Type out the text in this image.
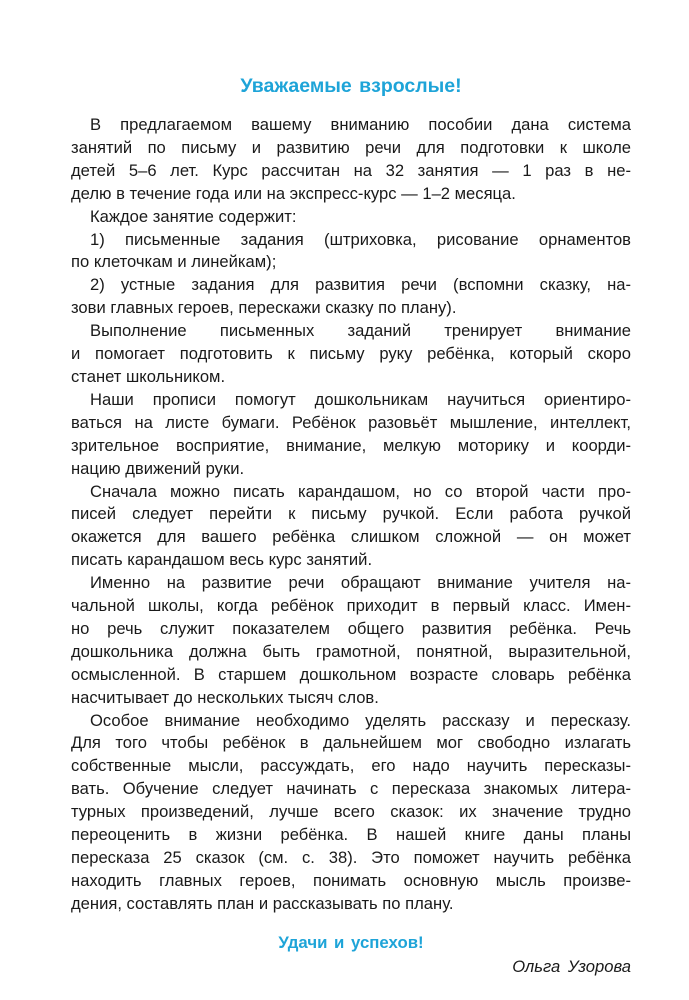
Уважаемые взрослые!
В предлагаемом вашему вниманию пособии дана система
занятий по письму и развитию речи для подготовки к школе
детей 5–6 лет. Курс рассчитан на 32 занятия — 1 раз в не-
делю в течение года или на экспресс-курс — 1–2 месяца.
Каждое занятие содержит:
1) письменные задания (штриховка, рисование орнаментов
по клеточкам и линейкам);
2) устные задания для развития речи (вспомни сказку, на-
зови главных героев, перескажи сказку по плану).
Выполнение письменных заданий тренирует внимание
и помогает подготовить к письму руку ребёнка, который скоро
станет школьником.
Наши прописи помогут дошкольникам научиться ориентиро-
ваться на листе бумаги. Ребёнок разовьёт мышление, интеллект,
зрительное восприятие, внимание, мелкую моторику и коорди-
нацию движений руки.
Сначала можно писать карандашом, но со второй части про-
писей следует перейти к письму ручкой. Если работа ручкой
окажется для вашего ребёнка слишком сложной — он может
писать карандашом весь курс занятий.
Именно на развитие речи обращают внимание учителя на-
чальной школы, когда ребёнок приходит в первый класс. Имен-
но речь служит показателем общего развития ребёнка. Речь
дошкольника должна быть грамотной, понятной, выразительной,
осмысленной. В старшем дошкольном возрасте словарь ребёнка
насчитывает до нескольких тысяч слов.
Особое внимание необходимо уделять рассказу и пересказу.
Для того чтобы ребёнок в дальнейшем мог свободно излагать
собственные мысли, рассуждать, его надо научить пересказы-
вать. Обучение следует начинать с пересказа знакомых литера-
турных произведений, лучше всего сказок: их значение трудно
переоценить в жизни ребёнка. В нашей книге даны планы
пересказа 25 сказок (см. с. 38). Это поможет научить ребёнка
находить главных героев, понимать основную мысль произве-
дения, составлять план и рассказывать по плану.
Удачи и успехов!
Ольга Узорова
